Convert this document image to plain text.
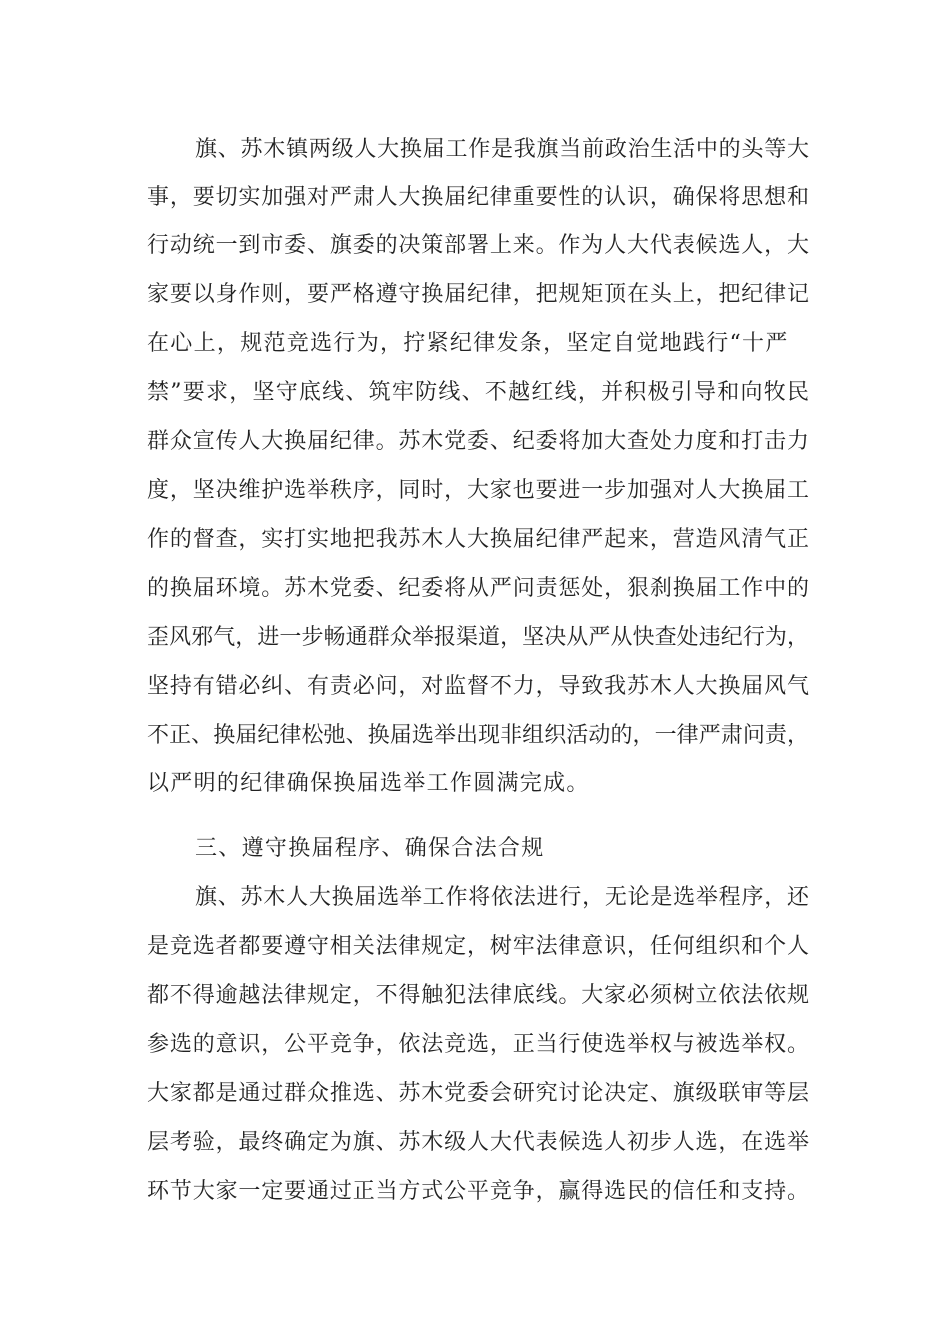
旗、苏木镇两级人大换届工作是我旗当前政治生活中的头等大
事，要切实加强对严肃人大换届纪律重要性的认识，确保将思想和
行动统一到市委、旗委的决策部署上来。作为人大代表候选人，大
家要以身作则，要严格遵守换届纪律，把规矩顶在头上，把纪律记
在心上，规范竞选行为，拧紧纪律发条，坚定自觉地践行“十严
禁”要求，坚守底线、筑牢防线、不越红线，并积极引导和向牧民
群众宣传人大换届纪律。苏木党委、纪委将加大查处力度和打击力
度，坚决维护选举秩序，同时，大家也要进一步加强对人大换届工
作的督查，实打实地把我苏木人大换届纪律严起来，营造风清气正
的换届环境。苏木党委、纪委将从严问责惩处，狠刹换届工作中的
歪风邪气，进一步畅通群众举报渠道，坚决从严从快查处违纪行为，
坚持有错必纠、有责必问，对监督不力，导致我苏木人大换届风气
不正、换届纪律松弛、换届选举出现非组织活动的，一律严肃问责，
以严明的纪律确保换届选举工作圆满完成。
三、遵守换届程序、确保合法合规
旗、苏木人大换届选举工作将依法进行，无论是选举程序，还
是竞选者都要遵守相关法律规定，树牢法律意识，任何组织和个人
都不得逾越法律规定，不得触犯法律底线。大家必须树立依法依规
参选的意识，公平竞争，依法竞选，正当行使选举权与被选举权。
大家都是通过群众推选、苏木党委会研究讨论决定、旗级联审等层
层考验，最终确定为旗、苏木级人大代表候选人初步人选，在选举
环节大家一定要通过正当方式公平竞争，赢得选民的信任和支持。
